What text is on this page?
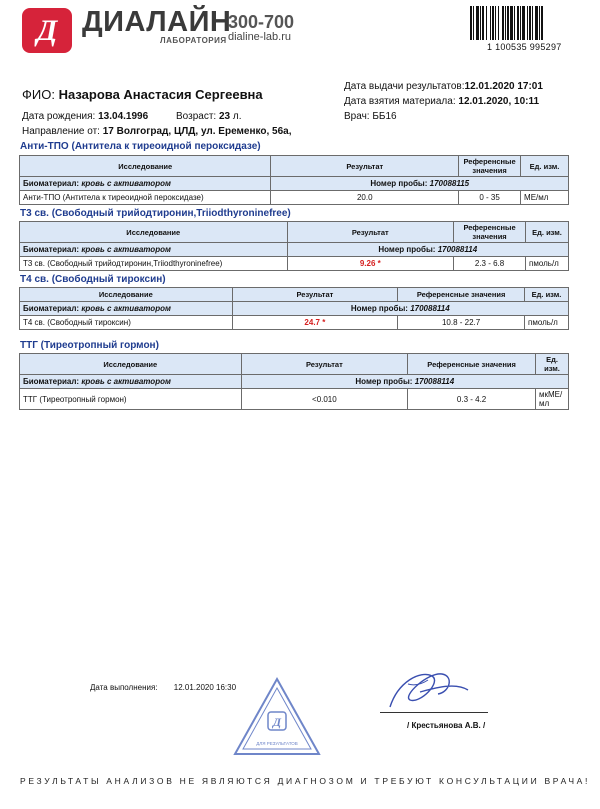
Д ДИАЛАЙН
ЛАБОРАТОРИЯ
300-700
dialine-lab.ru
1 100535 995297
ФИО: Назарова Анастасия Сергеевна
Дата рождения: 13.04.1996	Возраст: 23 л.
Направление от: 17 Волгоград, ЦЛД, ул. Еременко, 56а,
Дата выдачи результатов:12.01.2020 17:01
Дата взятия материала: 12.01.2020, 10:11
Врач: ББ16
Анти-ТПО (Антитела к тиреоидной пероксидазе)
Исследование	Результат	Референсные значения	Ед. изм.
Биоматериал: кровь с активатором	Номер пробы: 170088115		
Анти-ТПО (Антитела к тиреоидной пероксидазе)	20.0	0 - 35	МЕ/мл
Т3 св. (Свободный трийодтиронин,Triiodthyroninefree)
Исследование	Результат	Референсные значения	Ед. изм.
Биоматериал: кровь с активатором	Номер пробы: 170088114		
Т3 св. (Свободный трийодтиронин,Triiodthyroninefree)	9.26 *	2.3 - 6.8	пмоль/л
Т4 св. (Свободный тироксин)
Исследование	Результат	Референсные значения	Ед. изм.
Биоматериал: кровь с активатором	Номер пробы: 170088114		
Т4 св. (Свободный тироксин)	24.7 *	10.8 - 22.7	пмоль/л
ТТГ (Тиреотропный гормон)
Исследование	Результат	Референсные значения	Ед. изм.
Биоматериал: кровь с активатором	Номер пробы: 170088114		
ТТГ (Тиреотропный гормон)	<0.010	0.3 - 4.2	мкМЕ/мл
Дата выполнения: 12.01.2020 16:30
Д
ДЛЯ РЕЗУЛЬТАТОВ
/ Крестьянова А.В. /
РЕЗУЛЬТАТЫ АНАЛИЗОВ НЕ ЯВЛЯЮТСЯ ДИАГНОЗОМ И ТРЕБУЮТ КОНСУЛЬТАЦИИ ВРАЧА!
